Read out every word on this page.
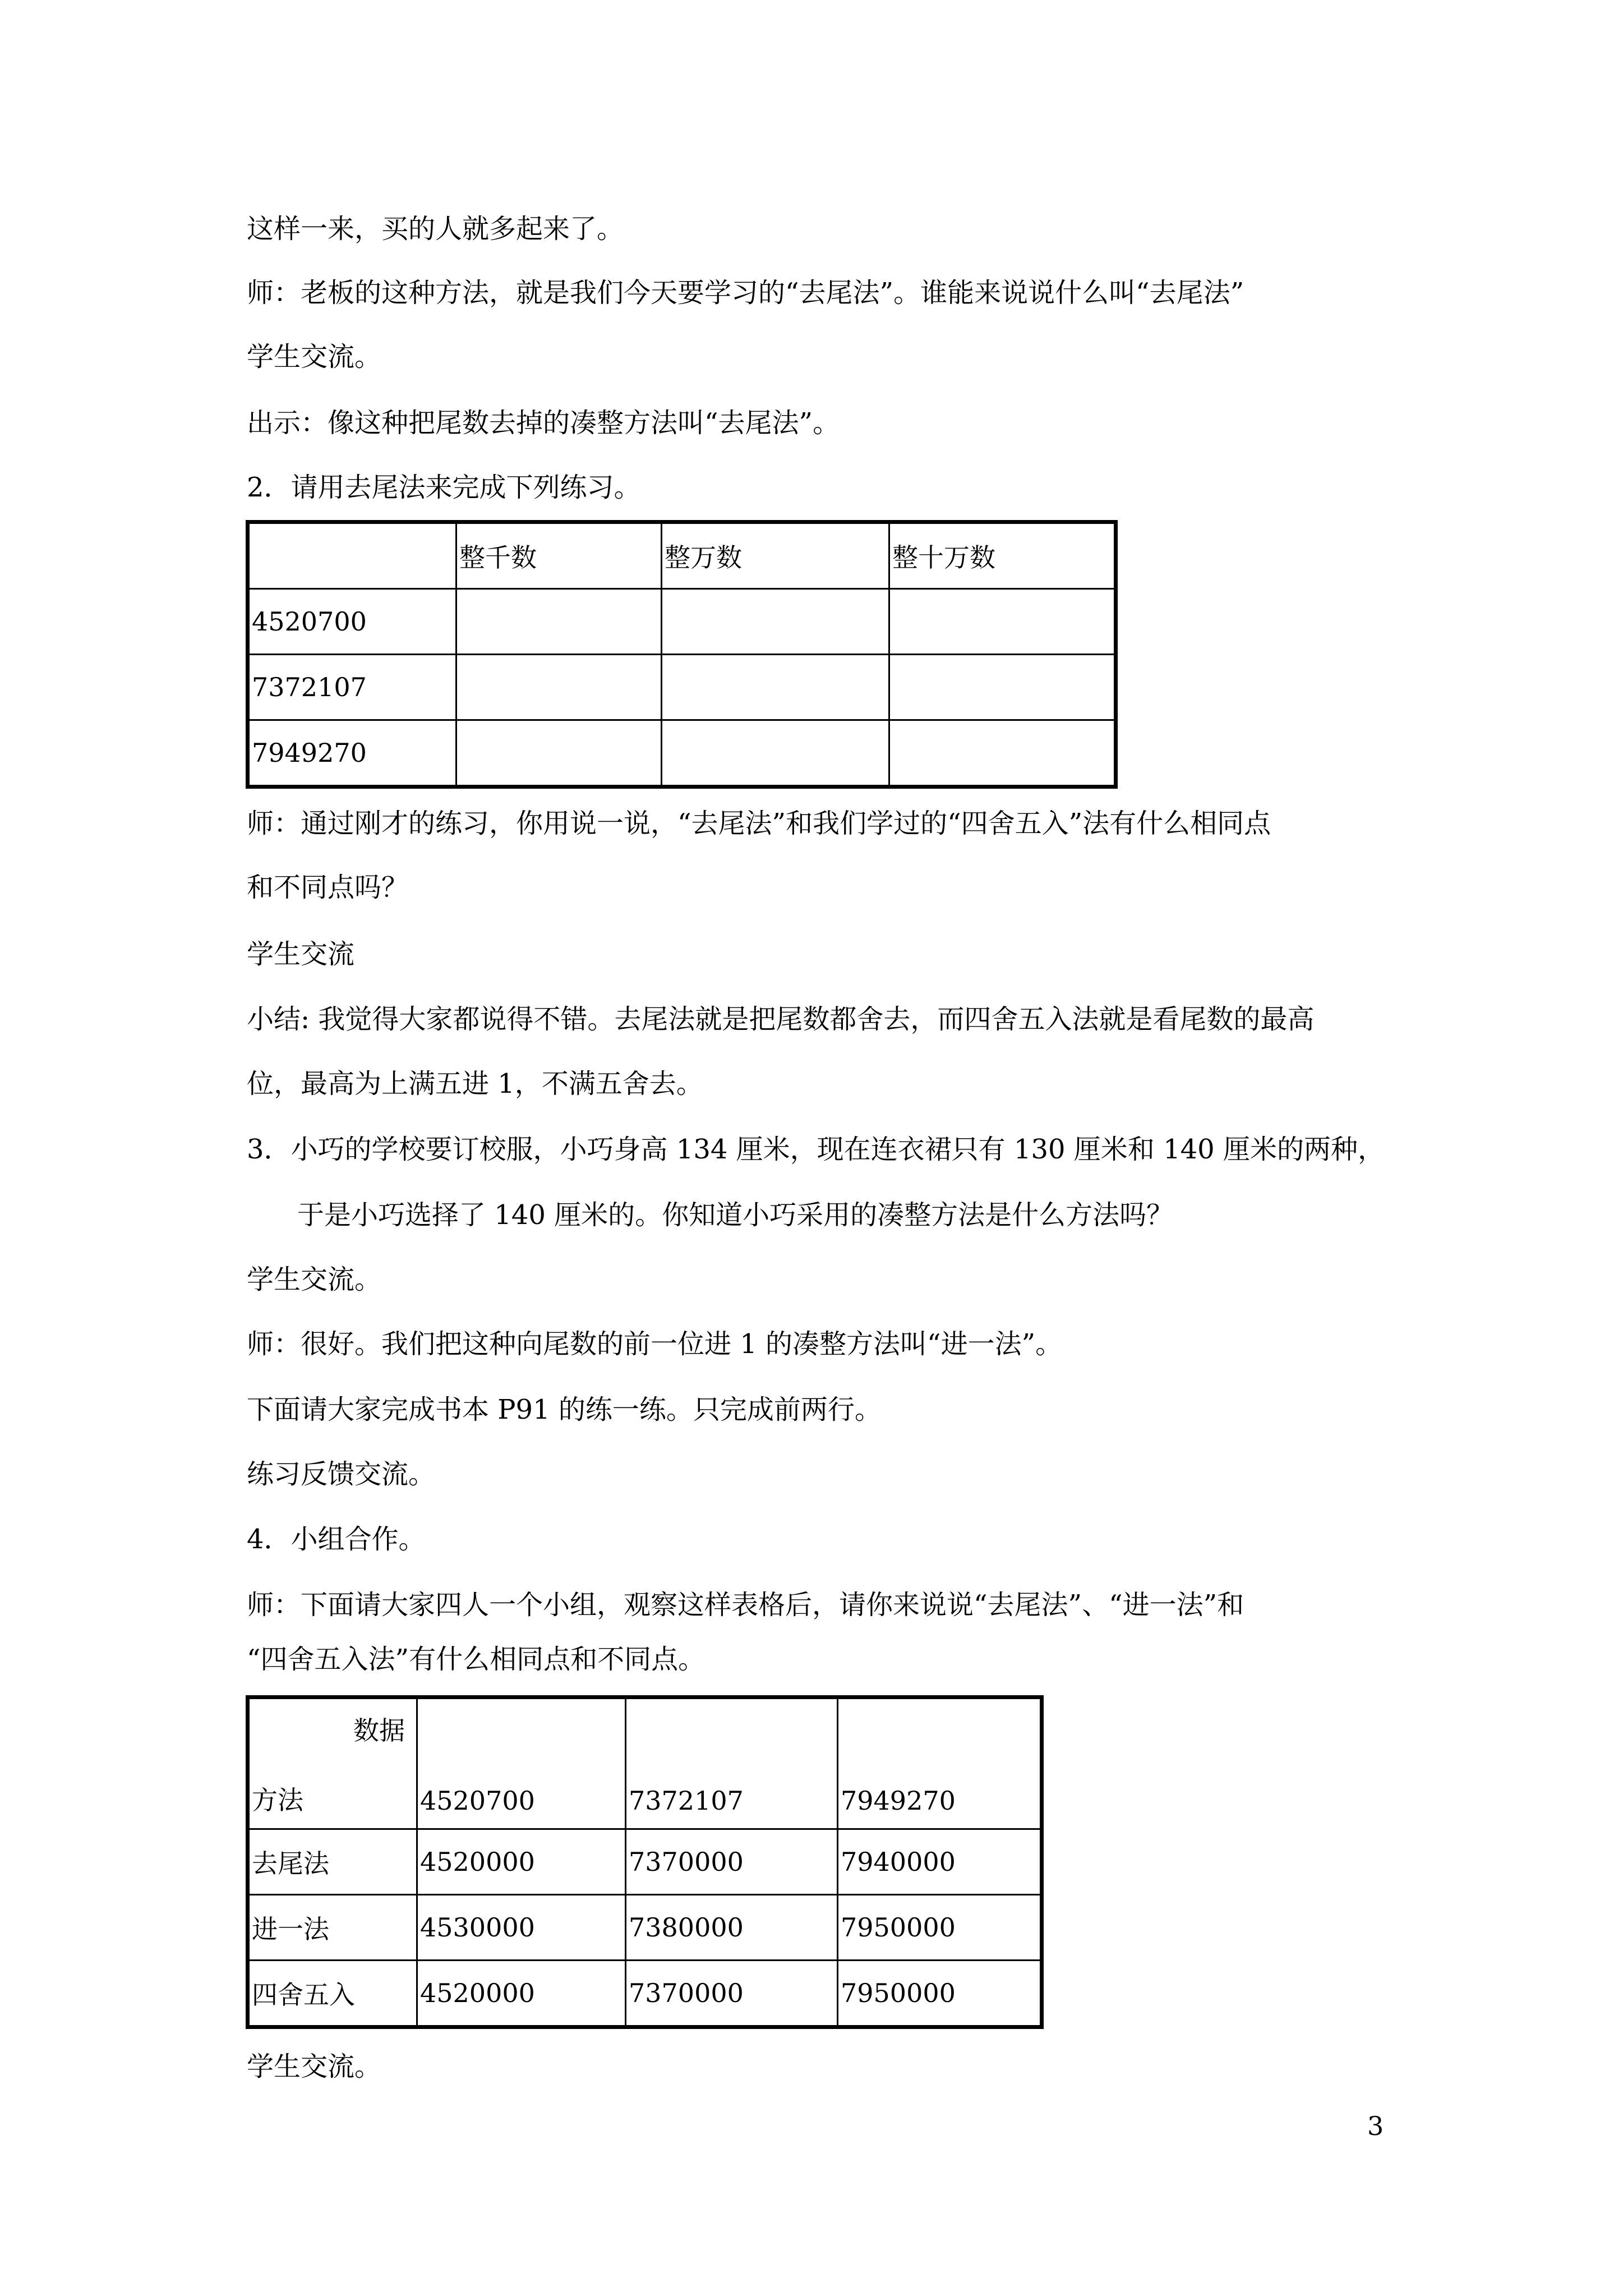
这样一来，买的人就多起来了。
师：老板的这种方法，就是我们今天要学习的“去尾法”。谁能来说说什么叫“去尾法”
学生交流。
出示：像这种把尾数去掉的凑整方法叫“去尾法”。
2．请用去尾法来完成下列练习。
	整千数	整万数	整十万数
4520700			
7372107			
7949270			
师：通过刚才的练习，你用说一说，“去尾法”和我们学过的“四舍五入”法有什么相同点
和不同点吗？
学生交流
小结: 我觉得大家都说得不错。去尾法就是把尾数都舍去，而四舍五入法就是看尾数的最高
位，最高为上满五进 1，不满五舍去。
3．小巧的学校要订校服，小巧身高 134 厘米，现在连衣裙只有 130 厘米和 140 厘米的两种，
于是小巧选择了 140 厘米的。你知道小巧采用的凑整方法是什么方法吗？
学生交流。
师：很好。我们把这种向尾数的前一位进 1 的凑整方法叫“进一法”。
下面请大家完成书本 P91 的练一练。只完成前两行。
练习反馈交流。
4．小组合作。
师：下面请大家四人一个小组，观察这样表格后，请你来说说“去尾法”、“进一法”和
“四舍五入法”有什么相同点和不同点。
数据
方法	4520700	7372107	7949270
去尾法	4520000	7370000	7940000
进一法	4530000	7380000	7950000
四舍五入	4520000	7370000	7950000
学生交流。
3
